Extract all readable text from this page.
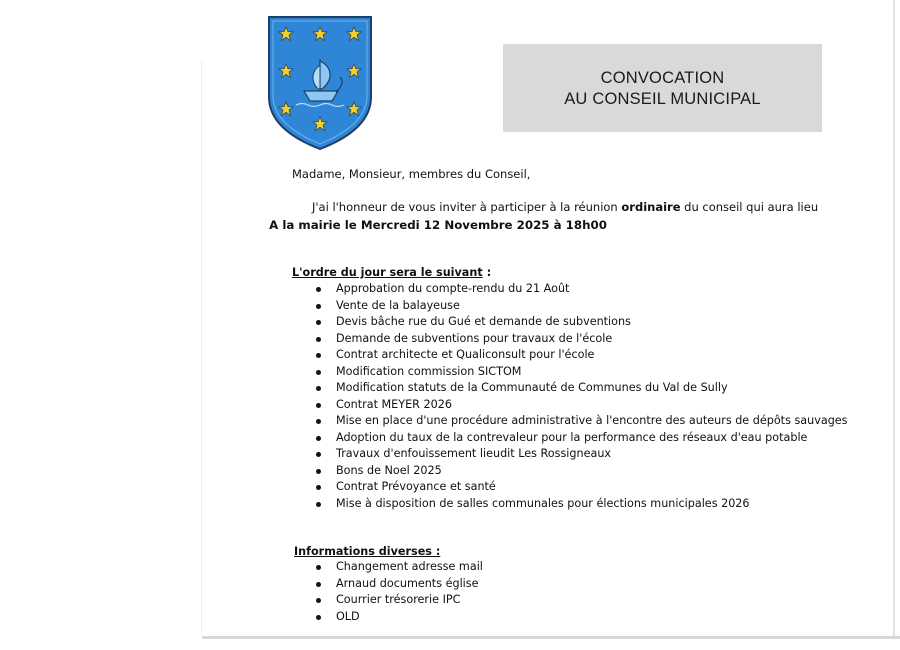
CONVOCATION
AU CONSEIL MUNICIPAL
Madame, Monsieur, membres du Conseil,
J'ai l'honneur de vous inviter à participer à la réunion ordinaire du conseil qui aura lieu
A la mairie le Mercredi 12 Novembre 2025 à 18h00
L'ordre du jour sera le suivant :
Approbation du compte-rendu du 21 Août
Vente de la balayeuse
Devis bâche rue du Gué et demande de subventions
Demande de subventions pour travaux de l'école
Contrat architecte et Qualiconsult pour l'école
Modification commission SICTOM
Modification statuts de la Communauté de Communes du Val de Sully
Contrat MEYER 2026
Mise en place d'une procédure administrative à l'encontre des auteurs de dépôts sauvages
Adoption du taux de la contrevaleur pour la performance des réseaux d'eau potable
Travaux d'enfouissement lieudit Les Rossigneaux
Bons de Noel 2025
Contrat Prévoyance et santé
Mise à disposition de salles communales pour élections municipales 2026
Informations diverses :
Changement adresse mail
Arnaud documents église
Courrier trésorerie IPC
OLD
